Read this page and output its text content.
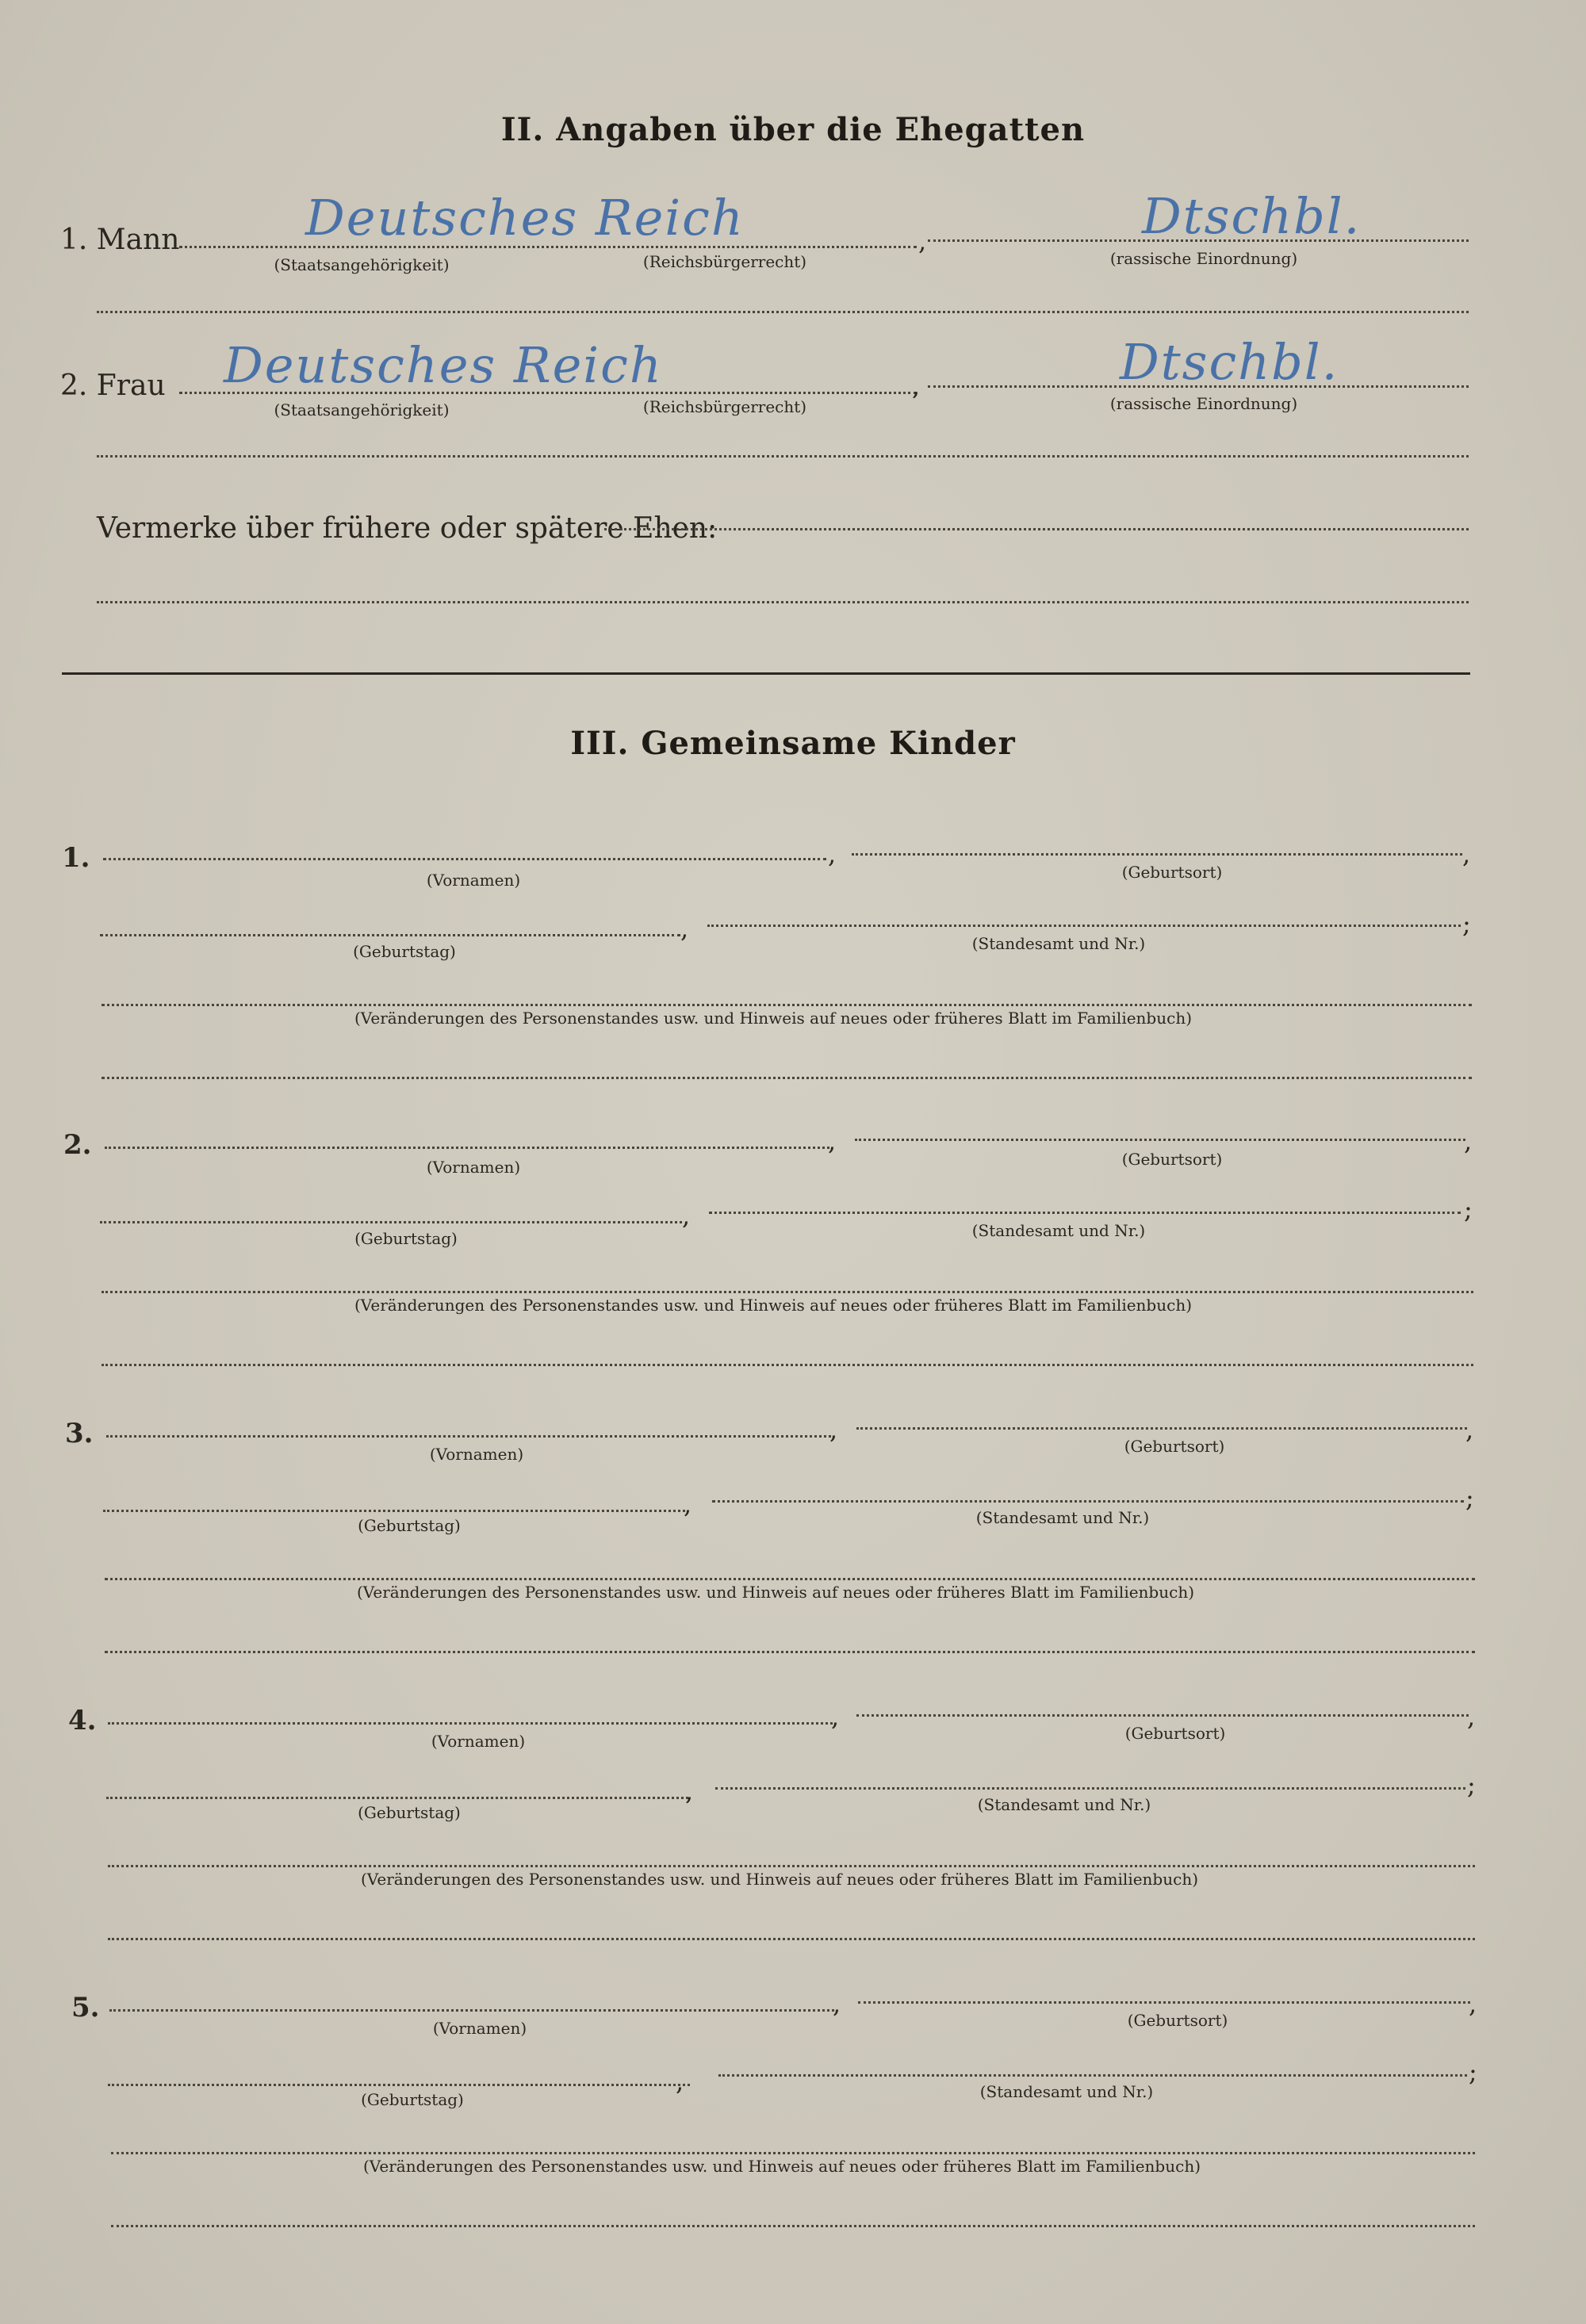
II. Angaben über die Ehegatten
1. Mann	Deutsches Reich	,	Dtschbl.
(Staatsangehörigkeit)	(Reichsbürgerrecht)	(rassische Einordnung)
2. Frau Deutsches Reich	,	Dtschbl.
(Staatsangehörigkeit)	(Reichsbürgerrecht)	(rassische Einordnung)
Vermerke über frühere oder spätere Ehen:
III. Gemeinsame Kinder
1.	,	,
(Vornamen)	(Geburtsort)
,	;
(Geburtstag)	(Standesamt und Nr.)
(Veränderungen des Personenstandes usw. und Hinweis auf neues oder früheres Blatt im Familienbuch)
2.	,	,
(Vornamen)	(Geburtsort)
,	;
(Geburtstag)	(Standesamt und Nr.)
(Veränderungen des Personenstandes usw. und Hinweis auf neues oder früheres Blatt im Familienbuch)
3.	,	,
(Vornamen)	(Geburtsort)
,	;
(Geburtstag)	(Standesamt und Nr.)
(Veränderungen des Personenstandes usw. und Hinweis auf neues oder früheres Blatt im Familienbuch)
4.	,	,
(Vornamen)	(Geburtsort)
,	;
(Geburtstag)	(Standesamt und Nr.)
(Veränderungen des Personenstandes usw. und Hinweis auf neues oder früheres Blatt im Familienbuch)
5.	,	,
(Vornamen)	(Geburtsort)
,	;
(Geburtstag)	(Standesamt und Nr.)
(Veränderungen des Personenstandes usw. und Hinweis auf neues oder früheres Blatt im Familienbuch)
